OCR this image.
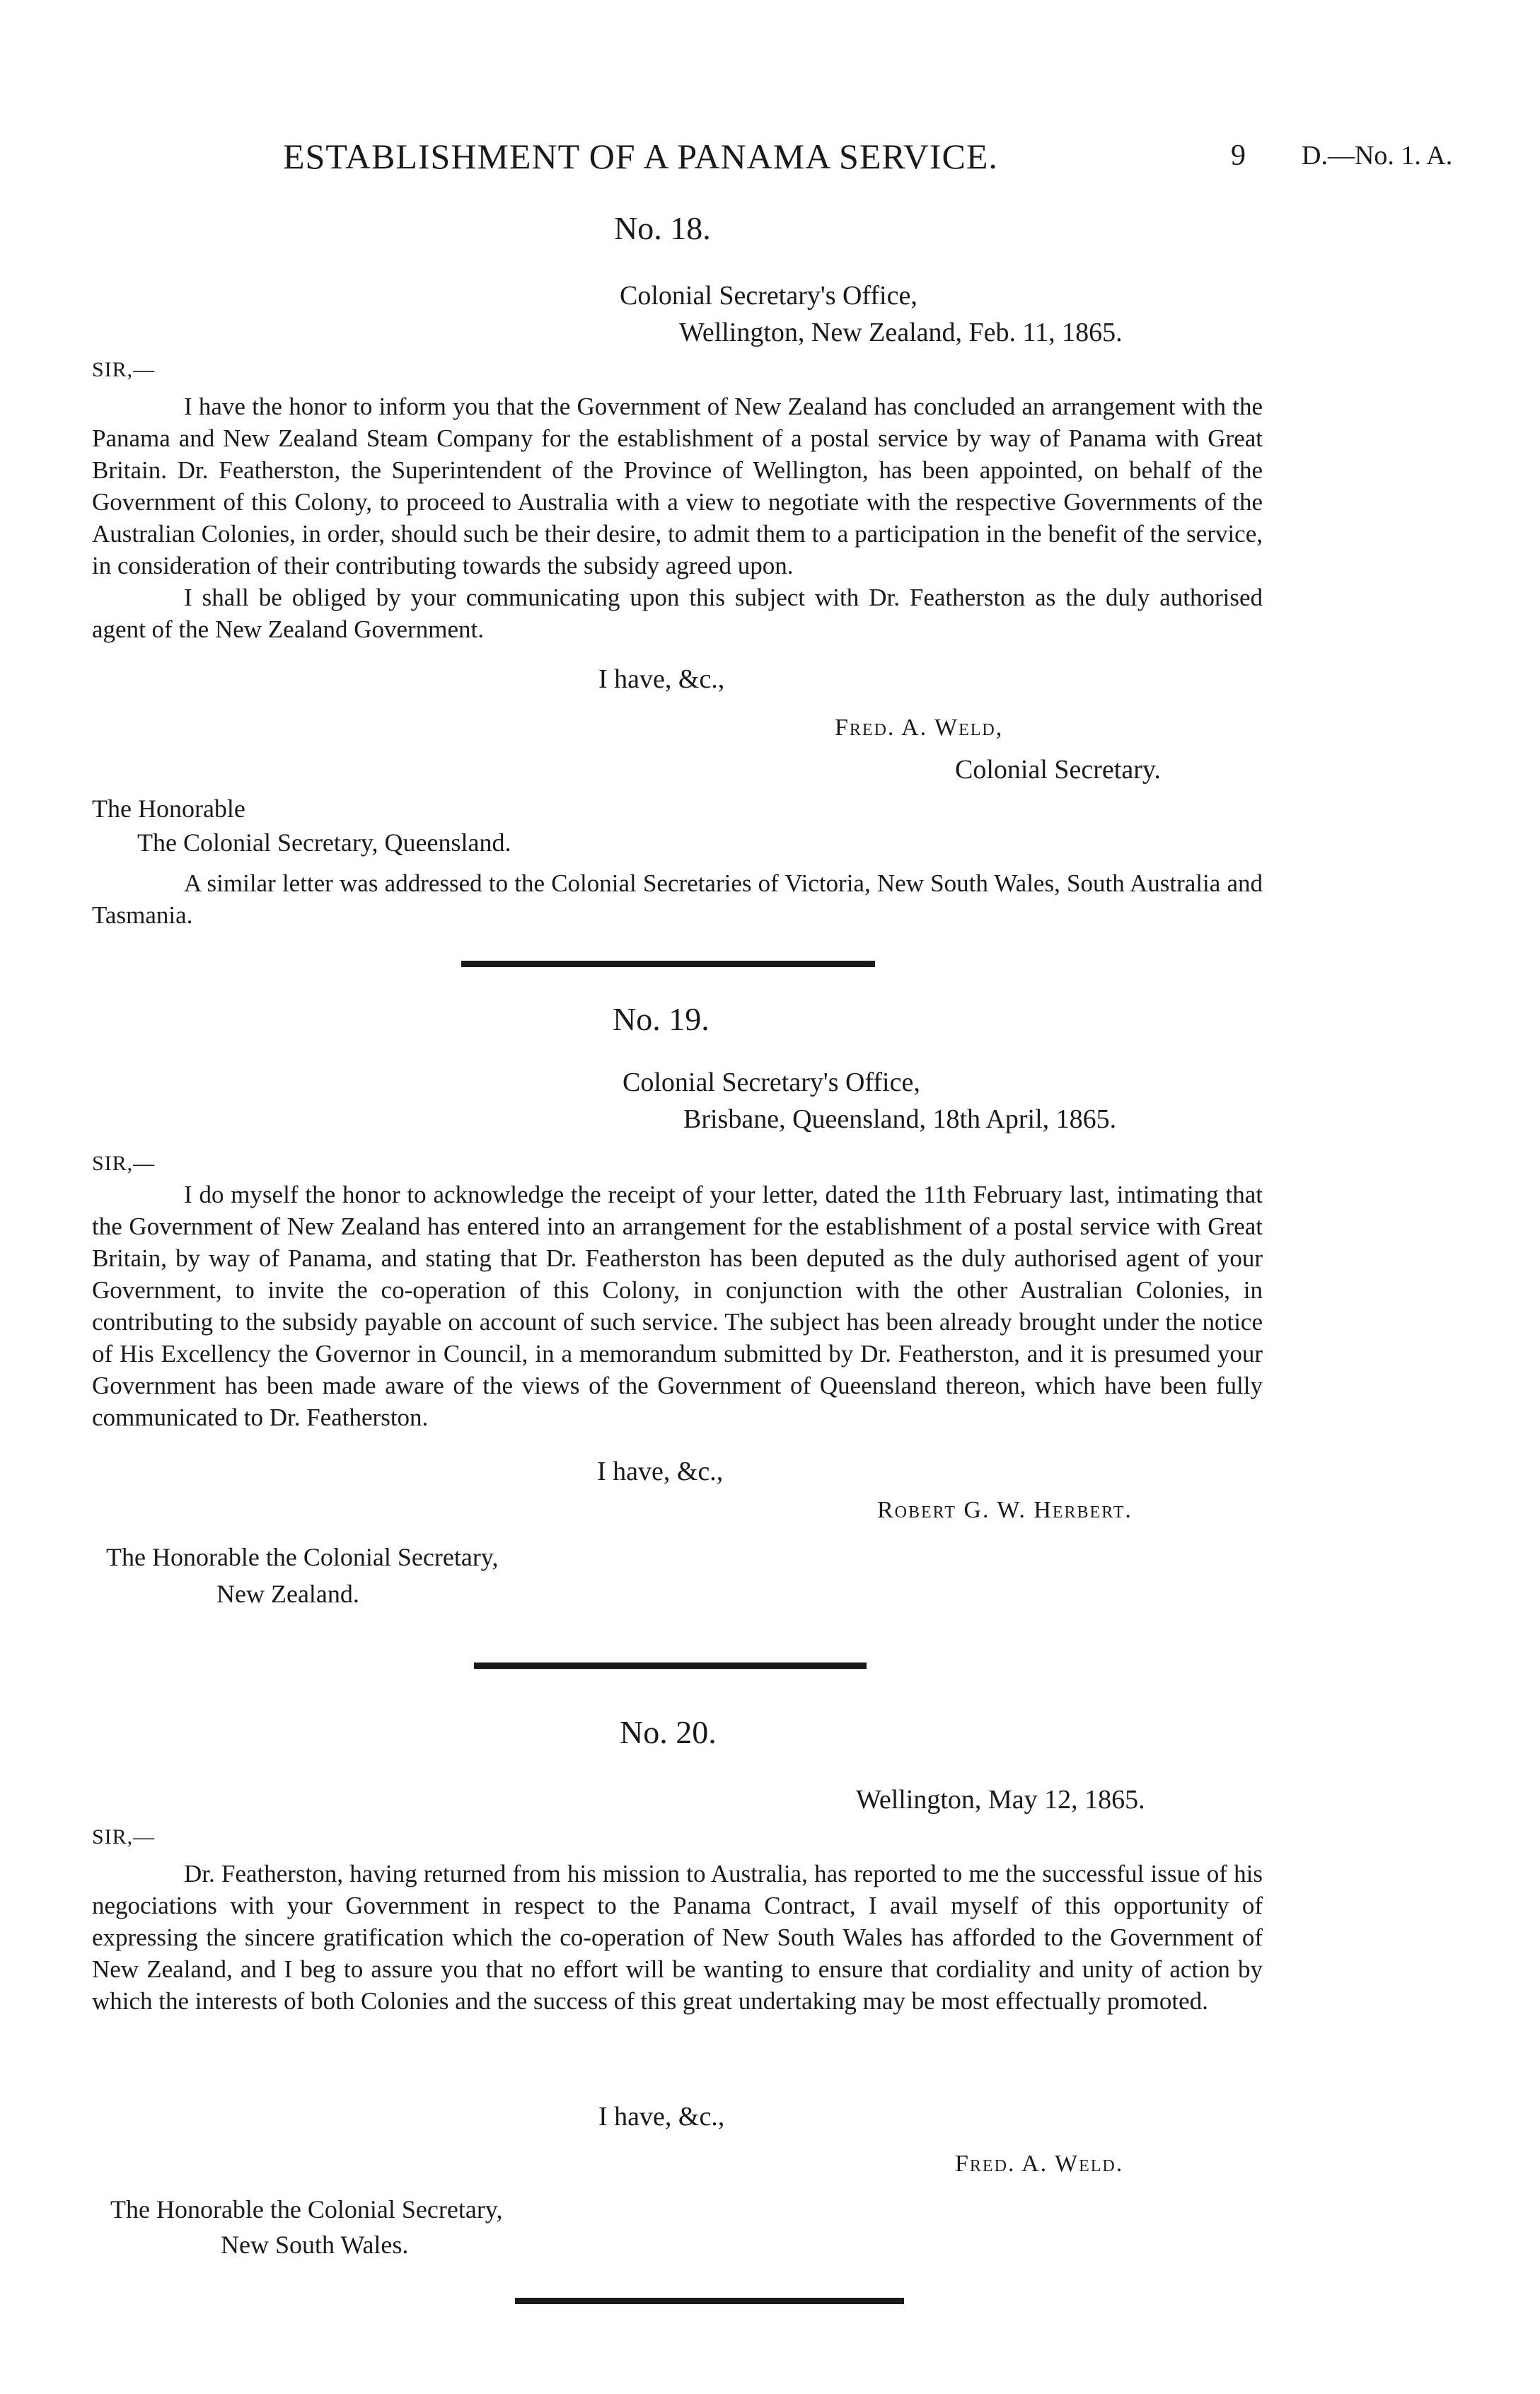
ESTABLISHMENT OF A PANAMA SERVICE.	9 D.—No. 1. A.
No. 18.
Colonial Secretary's Office,
Wellington, New Zealand, Feb. 11, 1865.
SIR,—

I have the honor to inform you that the Government of New Zealand has concluded an arrangement with the Panama and New Zealand Steam Company for the establishment of a postal service by way of Panama with Great Britain. Dr. Featherston, the Superintendent of the Province of Wellington, has been appointed, on behalf of the Government of this Colony, to proceed to Australia with a view to negotiate with the respective Governments of the Australian Colonies, in order, should such be their desire, to admit them to a participation in the benefit of the service, in consideration of their contributing towards the subsidy agreed upon.

I shall be obliged by your communicating upon this subject with Dr. Featherston as the duly authorised agent of the New Zealand Government.

I have, &c.,
Fred. A. Weld,
Colonial Secretary.
The Honorable
The Colonial Secretary, Queensland.

A similar letter was addressed to the Colonial Secretaries of Victoria, New South Wales, South Australia and Tasmania.

No. 19.
Colonial Secretary's Office,
Brisbane, Queensland, 18th April, 1865.
SIR,—

I do myself the honor to acknowledge the receipt of your letter, dated the 11th February last, intimating that the Government of New Zealand has entered into an arrangement for the establishment of a postal service with Great Britain, by way of Panama, and stating that Dr. Featherston has been deputed as the duly authorised agent of your Government, to invite the co-operation of this Colony, in conjunction with the other Australian Colonies, in contributing to the subsidy payable on account of such service. The subject has been already brought under the notice of His Excellency the Governor in Council, in a memorandum submitted by Dr. Featherston, and it is presumed your Government has been made aware of the views of the Government of Queensland thereon, which have been fully communicated to Dr. Featherston.

I have, &c.,
Robert G. W. Herbert.
The Honorable the Colonial Secretary,
New Zealand.
No. 20.
Wellington, May 12, 1865.
SIR,—

Dr. Featherston, having returned from his mission to Australia, has reported to me the successful issue of his negociations with your Government in respect to the Panama Contract, I avail myself of this opportunity of expressing the sincere gratification which the co-operation of New South Wales has afforded to the Government of New Zealand, and I beg to assure you that no effort will be wanting to ensure that cordiality and unity of action by which the interests of both Colonies and the success of this great undertaking may be most effectually promoted.

I have, &c.,
Fred. A. Weld.
The Honorable the Colonial Secretary,
New South Wales.
